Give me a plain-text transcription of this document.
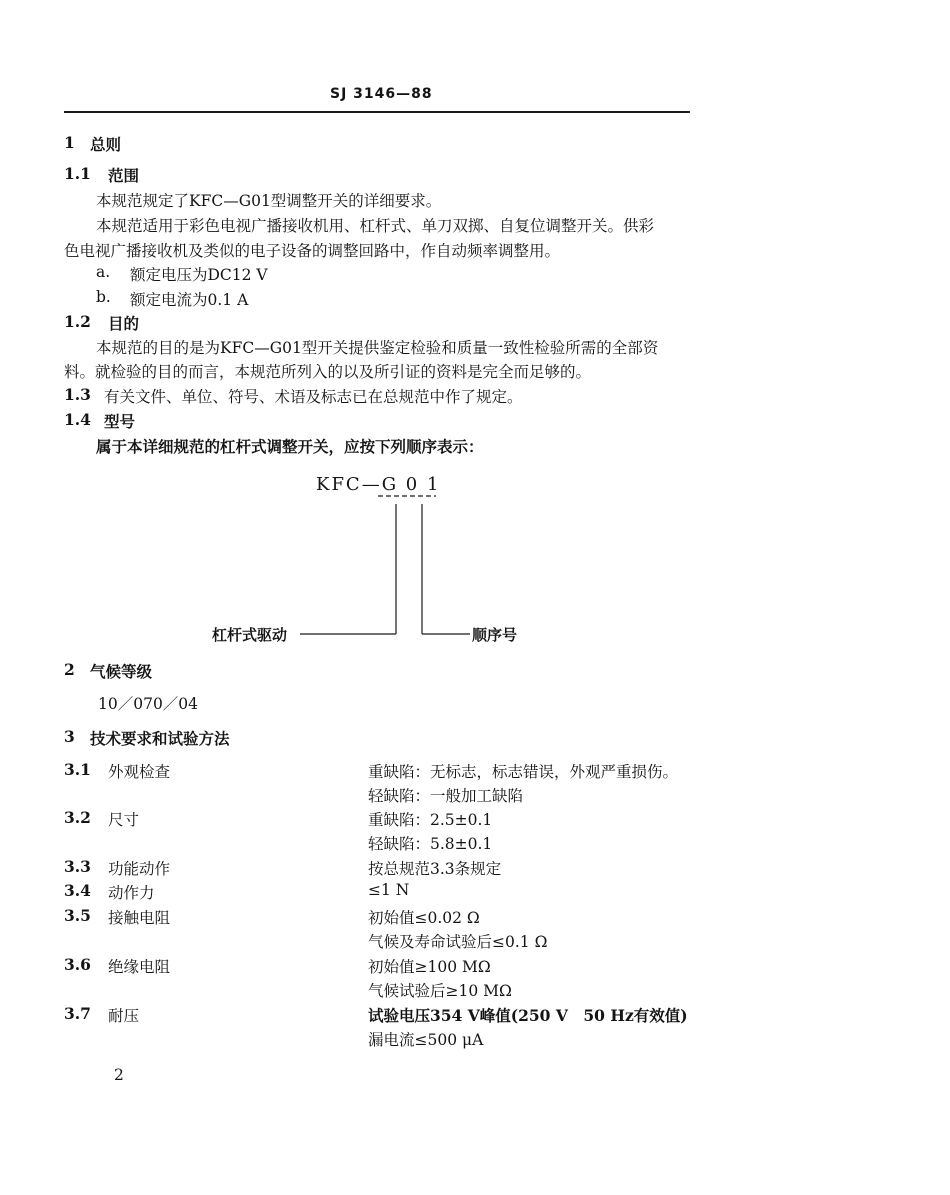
SJ 3146—88
1 总则
1.1 范围
本规范规定了KFC—G01型调整开关的详细要求。
本规范适用于彩色电视广播接收机用、杠杆式、单刀双掷、自复位调整开关。供彩
色电视广播接收机及类似的电子设备的调整回路中，作自动频率调整用。
a. 额定电压为DC12 V
b. 额定电流为0.1 A
1.2 目的
本规范的目的是为KFC—G01型开关提供鉴定检验和质量一致性检验所需的全部资
料。就检验的目的而言，本规范所列入的以及所引证的资料是完全而足够的。
1.3 有关文件、单位、符号、术语及标志已在总规范中作了规定。
1.4 型号
属于本详细规范的杠杆式调整开关，应按下列顺序表示：
KFC—G 0 1
杠杆式驱动	顺序号
2 气候等级
10／070／04
3 技术要求和试验方法
3.1 外观检查	重缺陷：无标志，标志错误，外观严重损伤。
轻缺陷：一般加工缺陷
3.2 尺寸	重缺陷：2.5±0.1
轻缺陷：5.8±0.1
3.3 功能动作	按总规范3.3条规定
3.4 动作力	≤1 N
3.5 接触电阻	初始值≤0.02 Ω
气候及寿命试验后≤0.1 Ω
3.6 绝缘电阻	初始值≥100 MΩ
气候试验后≥10 MΩ
3.7 耐压	试验电压354 V峰值(250 V　50 Hz有效值)
漏电流≤500 μA
2
